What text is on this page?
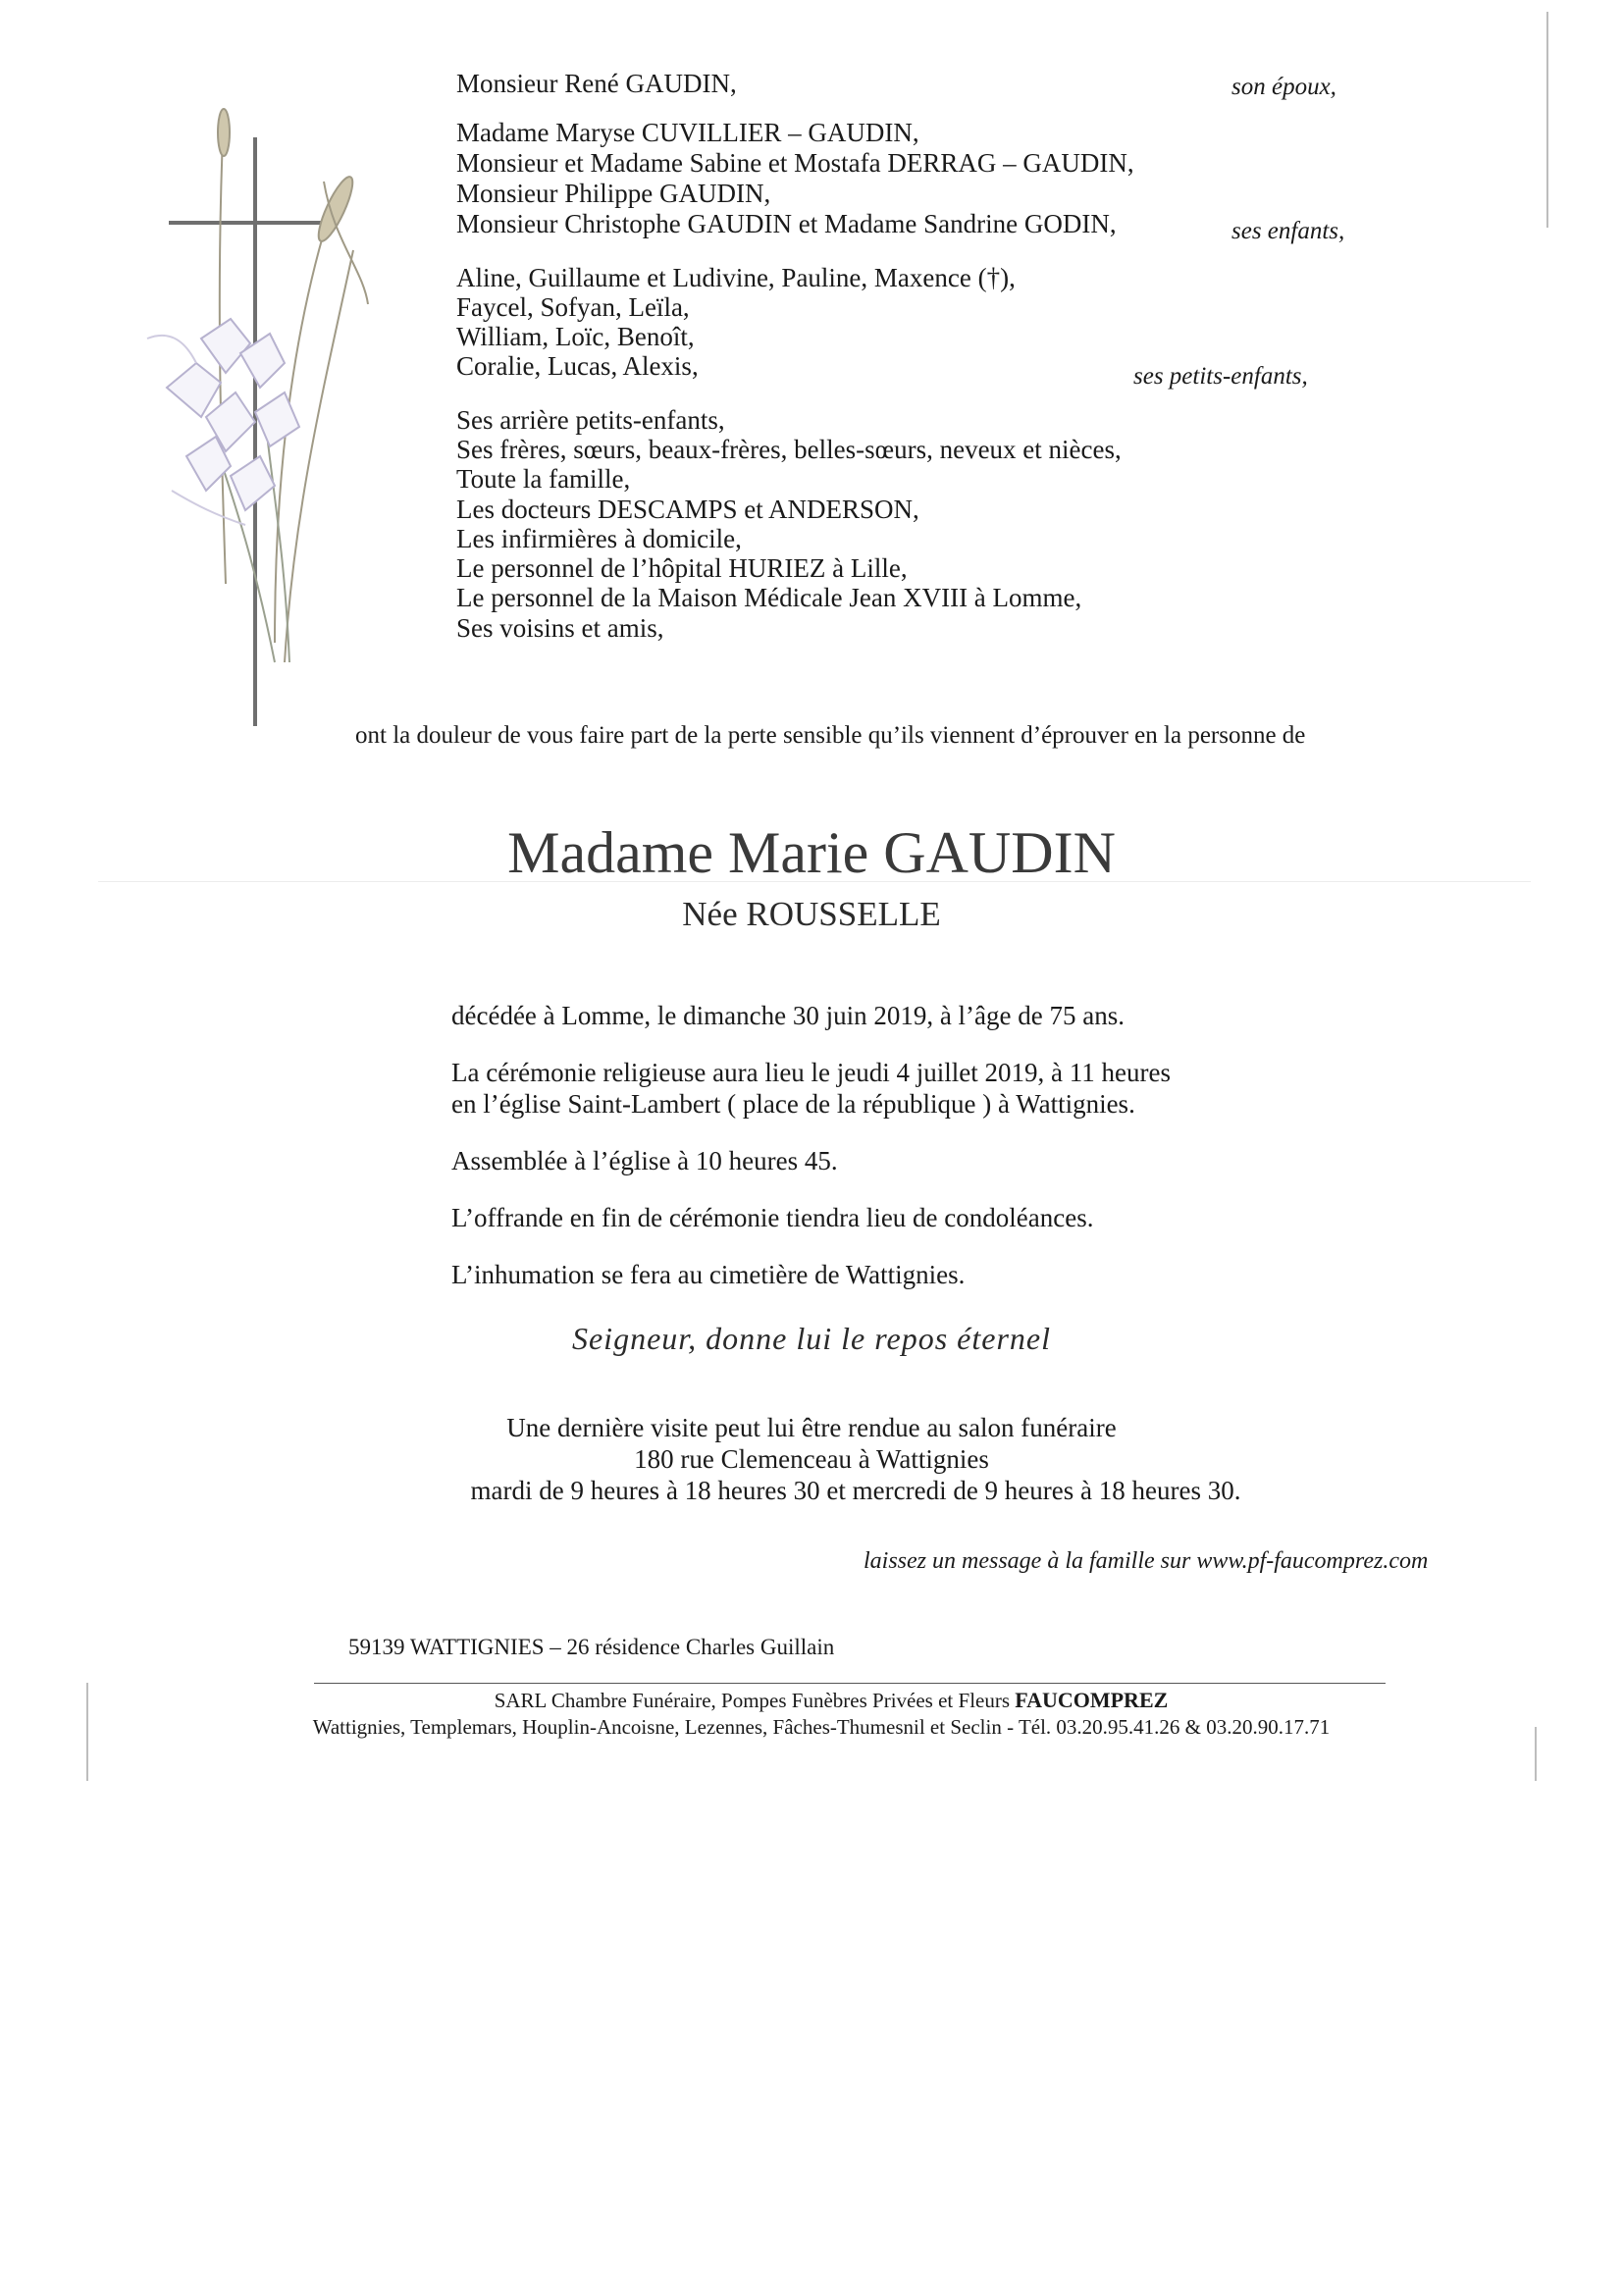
Monsieur René GAUDIN,	son époux,
Madame Maryse CUVILLIER – GAUDIN,
Monsieur et Madame Sabine et Mostafa DERRAG – GAUDIN,
Monsieur Philippe GAUDIN,
Monsieur Christophe GAUDIN et Madame Sandrine GODIN,	ses enfants,
Aline, Guillaume et Ludivine, Pauline, Maxence (†),
Faycel, Sofyan, Leïla,
William, Loïc, Benoît,
Coralie, Lucas, Alexis,	ses petits-enfants,
Ses arrière petits-enfants,
Ses frères, sœurs, beaux-frères, belles-sœurs, neveux et nièces,
Toute la famille,
Les docteurs DESCAMPS et ANDERSON,
Les infirmières à domicile,
Le personnel de l’hôpital HURIEZ à Lille,
Le personnel de la Maison Médicale Jean XVIII à Lomme,
Ses voisins et amis,
ont la douleur de vous faire part de la perte sensible qu’ils viennent d’éprouver en la personne de
Madame Marie GAUDIN
Née ROUSSELLE
décédée à Lomme, le dimanche 30 juin 2019, à l’âge de 75 ans.
La cérémonie religieuse aura lieu le jeudi 4 juillet 2019, à 11 heures
en l’église Saint-Lambert ( place de la république ) à Wattignies.
Assemblée à l’église à 10 heures 45.
L’offrande en fin de cérémonie tiendra lieu de condoléances.
L’inhumation se fera au cimetière de Wattignies.
Seigneur, donne lui le repos éternel
Une dernière visite peut lui être rendue au salon funéraire
180 rue Clemenceau à Wattignies
mardi de 9 heures à 18 heures 30 et mercredi de 9 heures à 18 heures 30.
laissez un message à la famille sur www.pf-faucomprez.com
59139 WATTIGNIES – 26 résidence Charles Guillain
SARL Chambre Funéraire, Pompes Funèbres Privées et Fleurs FAUCOMPREZ
Wattignies, Templemars, Houplin-Ancoisne, Lezennes, Fâches-Thumesnil et Seclin - Tél. 03.20.95.41.26 & 03.20.90.17.71
